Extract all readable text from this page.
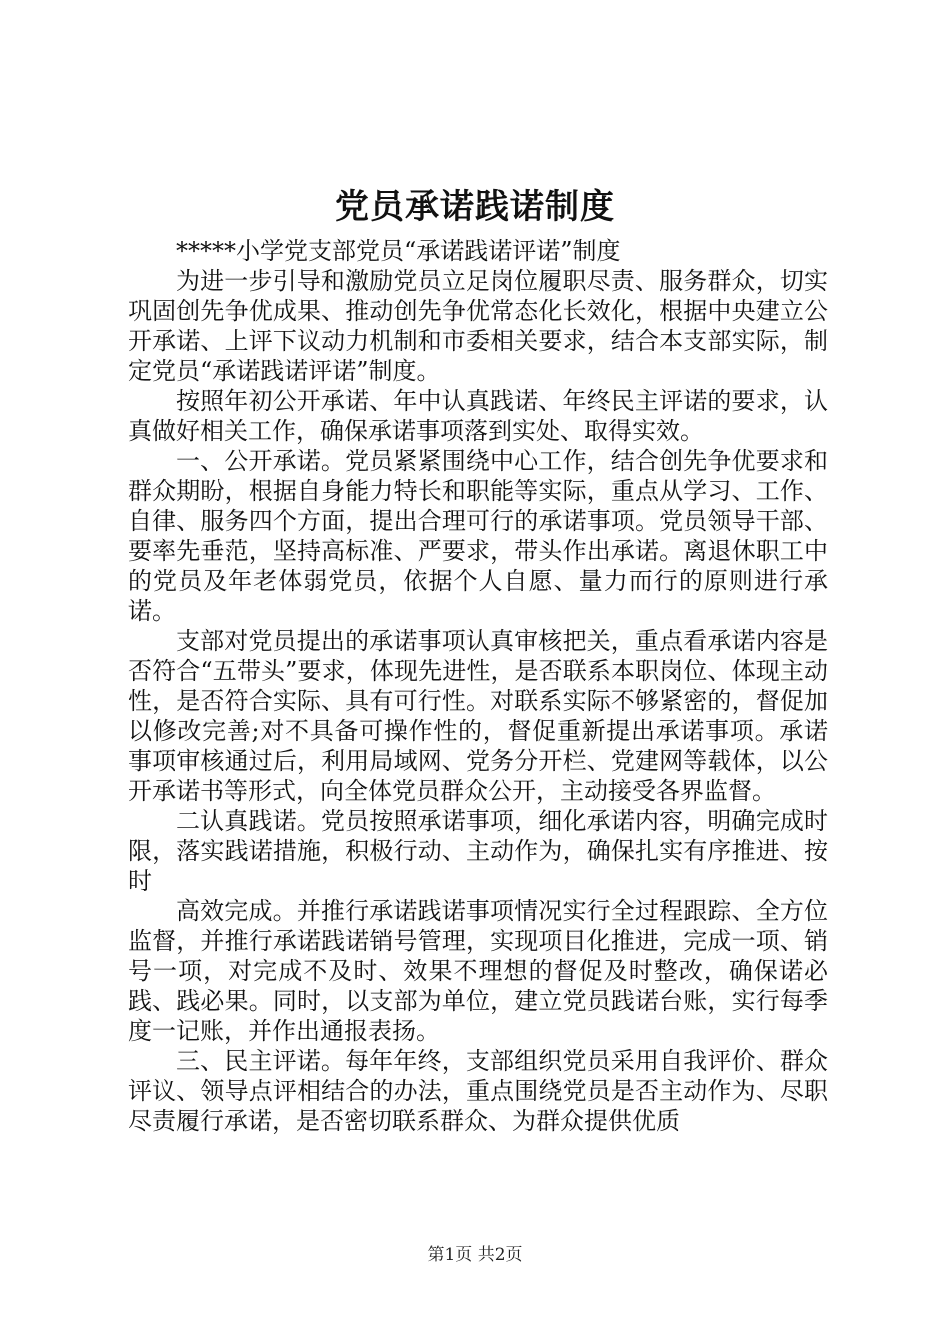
党员承诺践诺制度

*****小学党支部党员“承诺践诺评诺”制度

为进一步引导和激励党员立足岗位履职尽责、服务群众，切实巩固创先争优成果、推动创先争优常态化长效化，根据中央建立公开承诺、上评下议动力机制和市委相关要求，结合本支部实际，制定党员“承诺践诺评诺”制度。

按照年初公开承诺、年中认真践诺、年终民主评诺的要求，认真做好相关工作，确保承诺事项落到实处、取得实效。

一、公开承诺。党员紧紧围绕中心工作，结合创先争优要求和群众期盼，根据自身能力特长和职能等实际，重点从学习、工作、自律、服务四个方面，提出合理可行的承诺事项。党员领导干部、要率先垂范，坚持高标准、严要求，带头作出承诺。离退休职工中的党员及年老体弱党员，依据个人自愿、量力而行的原则进行承诺。

支部对党员提出的承诺事项认真审核把关，重点看承诺内容是否符合“五带头”要求，体现先进性，是否联系本职岗位、体现主动性，是否符合实际、具有可行性。对联系实际不够紧密的，督促加以修改完善;对不具备可操作性的，督促重新提出承诺事项。承诺事项审核通过后，利用局域网、党务分开栏、党建网等载体，以公开承诺书等形式，向全体党员群众公开，主动接受各界监督。

二认真践诺。党员按照承诺事项，细化承诺内容，明确完成时限，落实践诺措施，积极行动、主动作为，确保扎实有序推进、按时

高效完成。并推行承诺践诺事项情况实行全过程跟踪、全方位监督，并推行承诺践诺销号管理，实现项目化推进，完成一项、销号一项，对完成不及时、效果不理想的督促及时整改，确保诺必践、践必果。同时，以支部为单位，建立党员践诺台账，实行每季度一记账，并作出通报表扬。

三、民主评诺。每年年终，支部组织党员采用自我评价、群众评议、领导点评相结合的办法，重点围绕党员是否主动作为、尽职尽责履行承诺，是否密切联系群众、为群众提供优质

第1页 共2页
